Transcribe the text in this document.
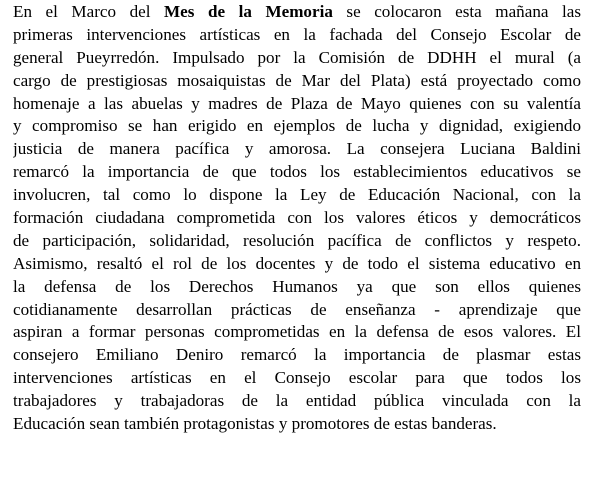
En el Marco del Mes de la Memoria se colocaron esta mañana las
primeras intervenciones artísticas en la fachada del Consejo Escolar de
general Pueyrredón. Impulsado por la Comisión de DDHH el mural (a
cargo de prestigiosas mosaiquistas de Mar del Plata) está proyectado como
homenaje a las abuelas y madres de Plaza de Mayo quienes con su valentía
y compromiso se han erigido en ejemplos de lucha y dignidad, exigiendo
justicia de manera pacífica y amorosa. La consejera Luciana Baldini
remarcó la importancia de que todos los establecimientos educativos se
involucren, tal como lo dispone la Ley de Educación Nacional, con la
formación ciudadana comprometida con los valores éticos y democráticos
de participación, solidaridad, resolución pacífica de conflictos y respeto.
Asimismo, resaltó el rol de los docentes y de todo el sistema educativo en
la defensa de los Derechos Humanos ya que son ellos quienes
cotidianamente desarrollan prácticas de enseñanza - aprendizaje que
aspiran a formar personas comprometidas en la defensa de esos valores. El
consejero Emiliano Deniro remarcó la importancia de plasmar estas
intervenciones artísticas en el Consejo escolar para que todos los
trabajadores y trabajadoras de la entidad pública vinculada con la
Educación sean también protagonistas y promotores de estas banderas.
